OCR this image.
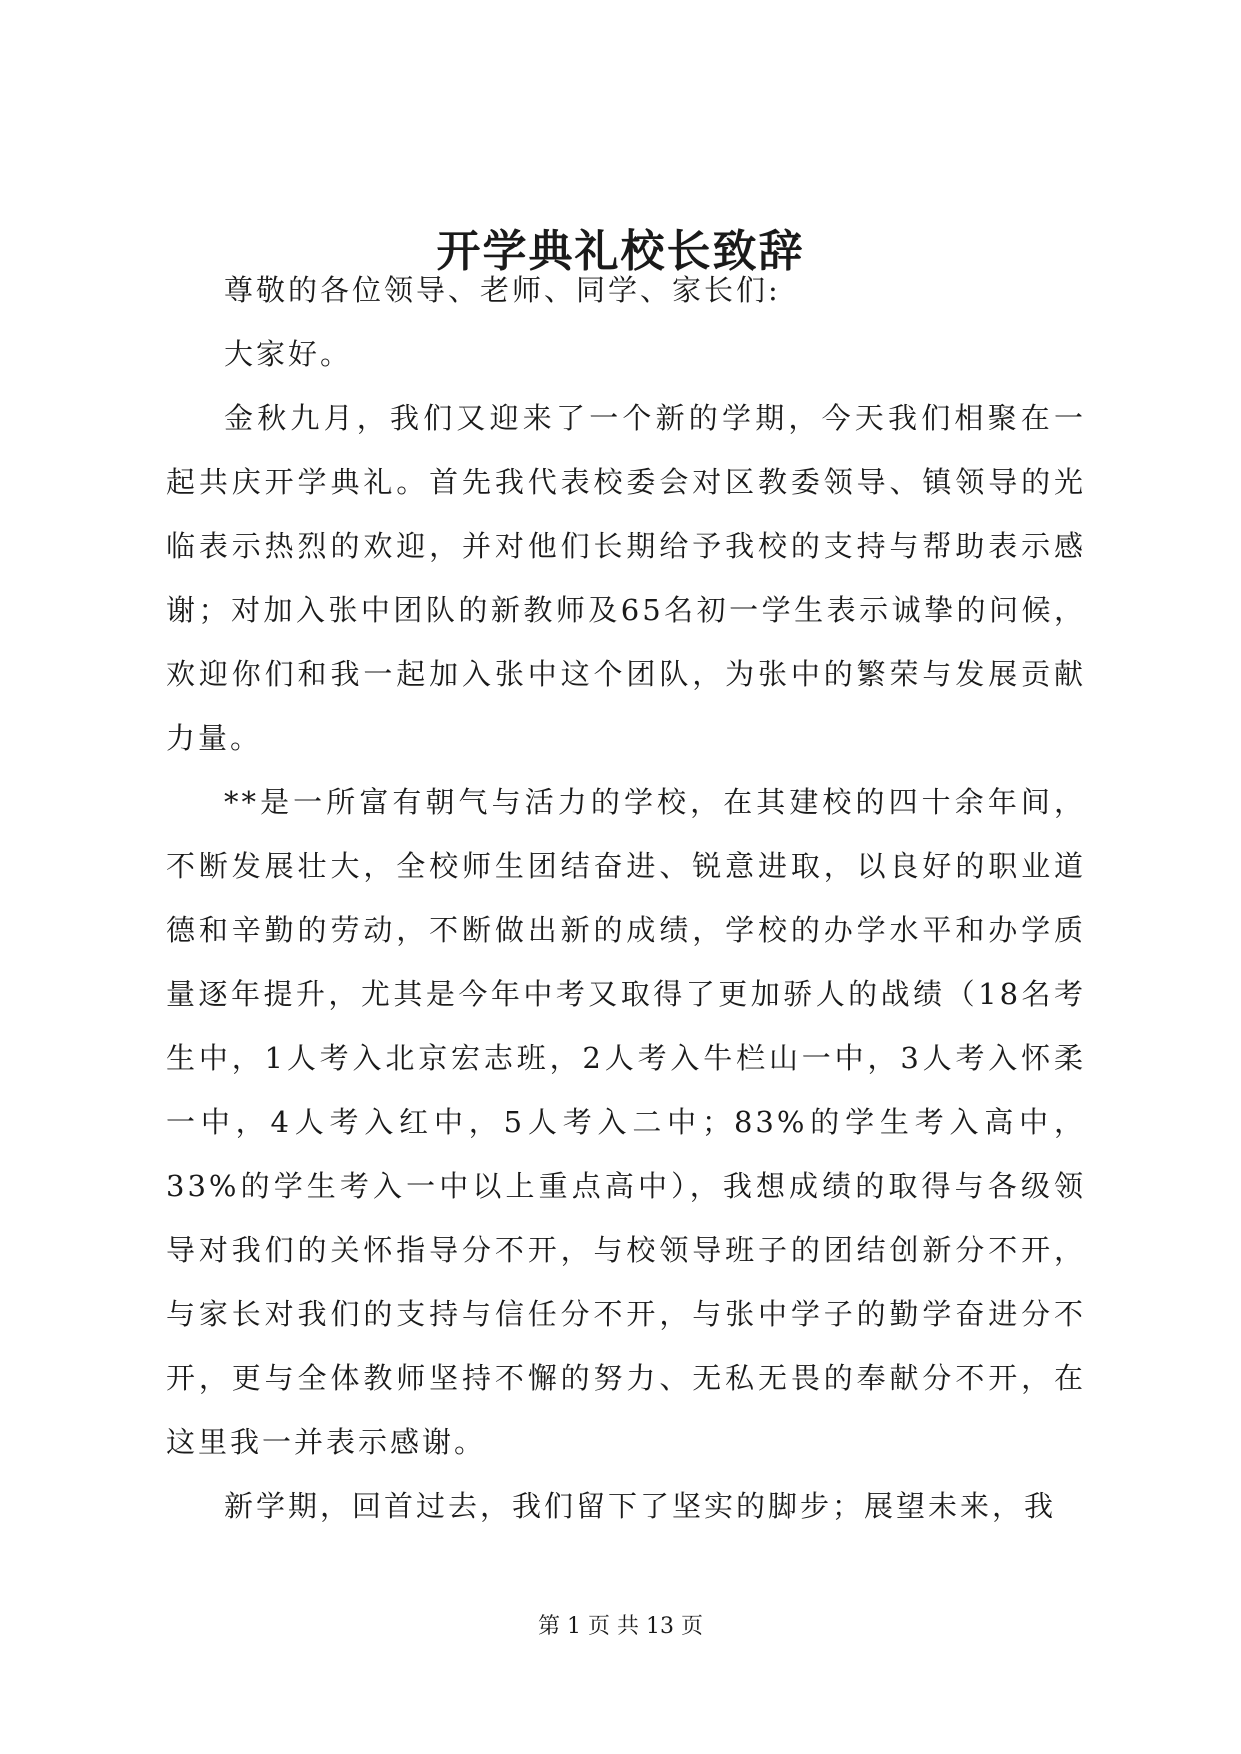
开学典礼校长致辞

尊敬的各位领导、老师、同学、家长们:

大家好。

金秋九月，我们又迎来了一个新的学期，今天我们相聚在一起共庆开学典礼。首先我代表校委会对区教委领导、镇领导的光临表示热烈的欢迎，并对他们长期给予我校的支持与帮助表示感谢；对加入张中团队的新教师及65名初一学生表示诚挚的问候，欢迎你们和我一起加入张中这个团队，为张中的繁荣与发展贡献力量。

**是一所富有朝气与活力的学校，在其建校的四十余年间，不断发展壮大，全校师生团结奋进、锐意进取，以良好的职业道德和辛勤的劳动，不断做出新的成绩，学校的办学水平和办学质量逐年提升，尤其是今年中考又取得了更加骄人的战绩（18名考生中，1人考入北京宏志班，2人考入牛栏山一中，3人考入怀柔一中，4人考入红中，5人考入二中；83%的学生考入高中，33%的学生考入一中以上重点高中），我想成绩的取得与各级领导对我们的关怀指导分不开，与校领导班子的团结创新分不开，与家长对我们的支持与信任分不开，与张中学子的勤学奋进分不开，更与全体教师坚持不懈的努力、无私无畏的奉献分不开，在这里我一并表示感谢。

新学期，回首过去，我们留下了坚实的脚步；展望未来，我

第 1 页 共 13 页
